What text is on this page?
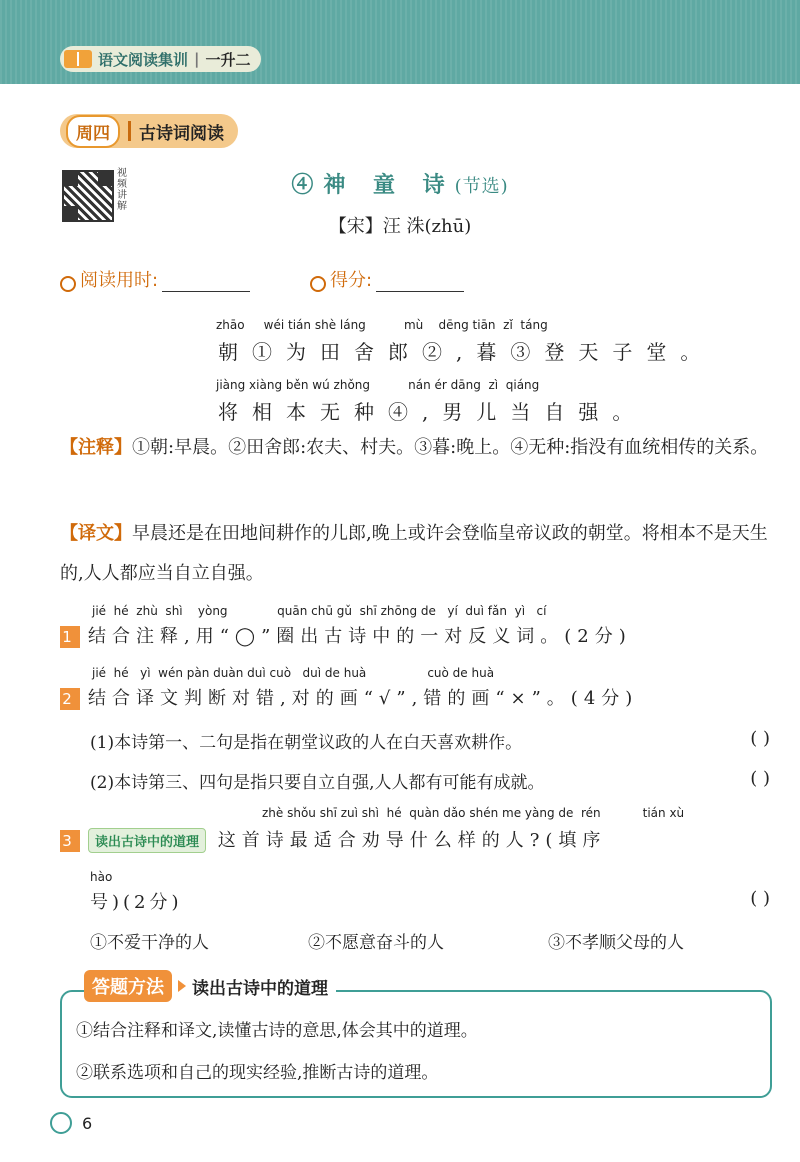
语文阅读集训 | 一升二
周四	古诗词阅读
视频讲解
④神 童 诗(节选)
【宋】汪 洙(zhū)
阅读用时:	得分:
zhāo     wéi tián shè láng          mù    dēng tiān  zǐ  táng
朝①为田舍郎②,暮③登天子堂。
jiàng xiàng běn wú zhǒng          nán ér dāng  zì  qiáng
将相本无种④,男儿当自强。
【注释】①朝:早晨。②田舍郎:农夫、村夫。③暮:晚上。④无种:指没有血统相传的关系。
【译文】早晨还是在田地间耕作的儿郎,晚上或许会登临皇帝议政的朝堂。将相本不是天生的,人人都应当自立自强。
jié  hé  zhù  shì    yòng             quān chū gǔ  shī zhōng de   yí  duì fǎn  yì   cí
1 结合注释,用“◯”圈出古诗中的一对反义词。(2分)
jié  hé   yì  wén pàn duàn duì cuò   duì de huà                cuò de huà
2 结合译文判断对错,对的画“√”,错的画“×”。(4分)
(1)本诗第一、二句是指在朝堂议政的人在白天喜欢耕作。	( )
(2)本诗第三、四句是指只要自立自强,人人都有可能有成就。	( )
zhè shǒu shī zuì shì  hé  quàn dǎo shén me yàng de  rén           tián xù
3 读出古诗中的道理 这首诗最适合劝导什么样的人?(填序
hào
号)(2分)	( )
①不爱干净的人	②不愿意奋斗的人	③不孝顺父母的人
答题方法	读出古诗中的道理
①结合注释和译文,读懂古诗的意思,体会其中的道理。
②联系选项和自己的现实经验,推断古诗的道理。
6
